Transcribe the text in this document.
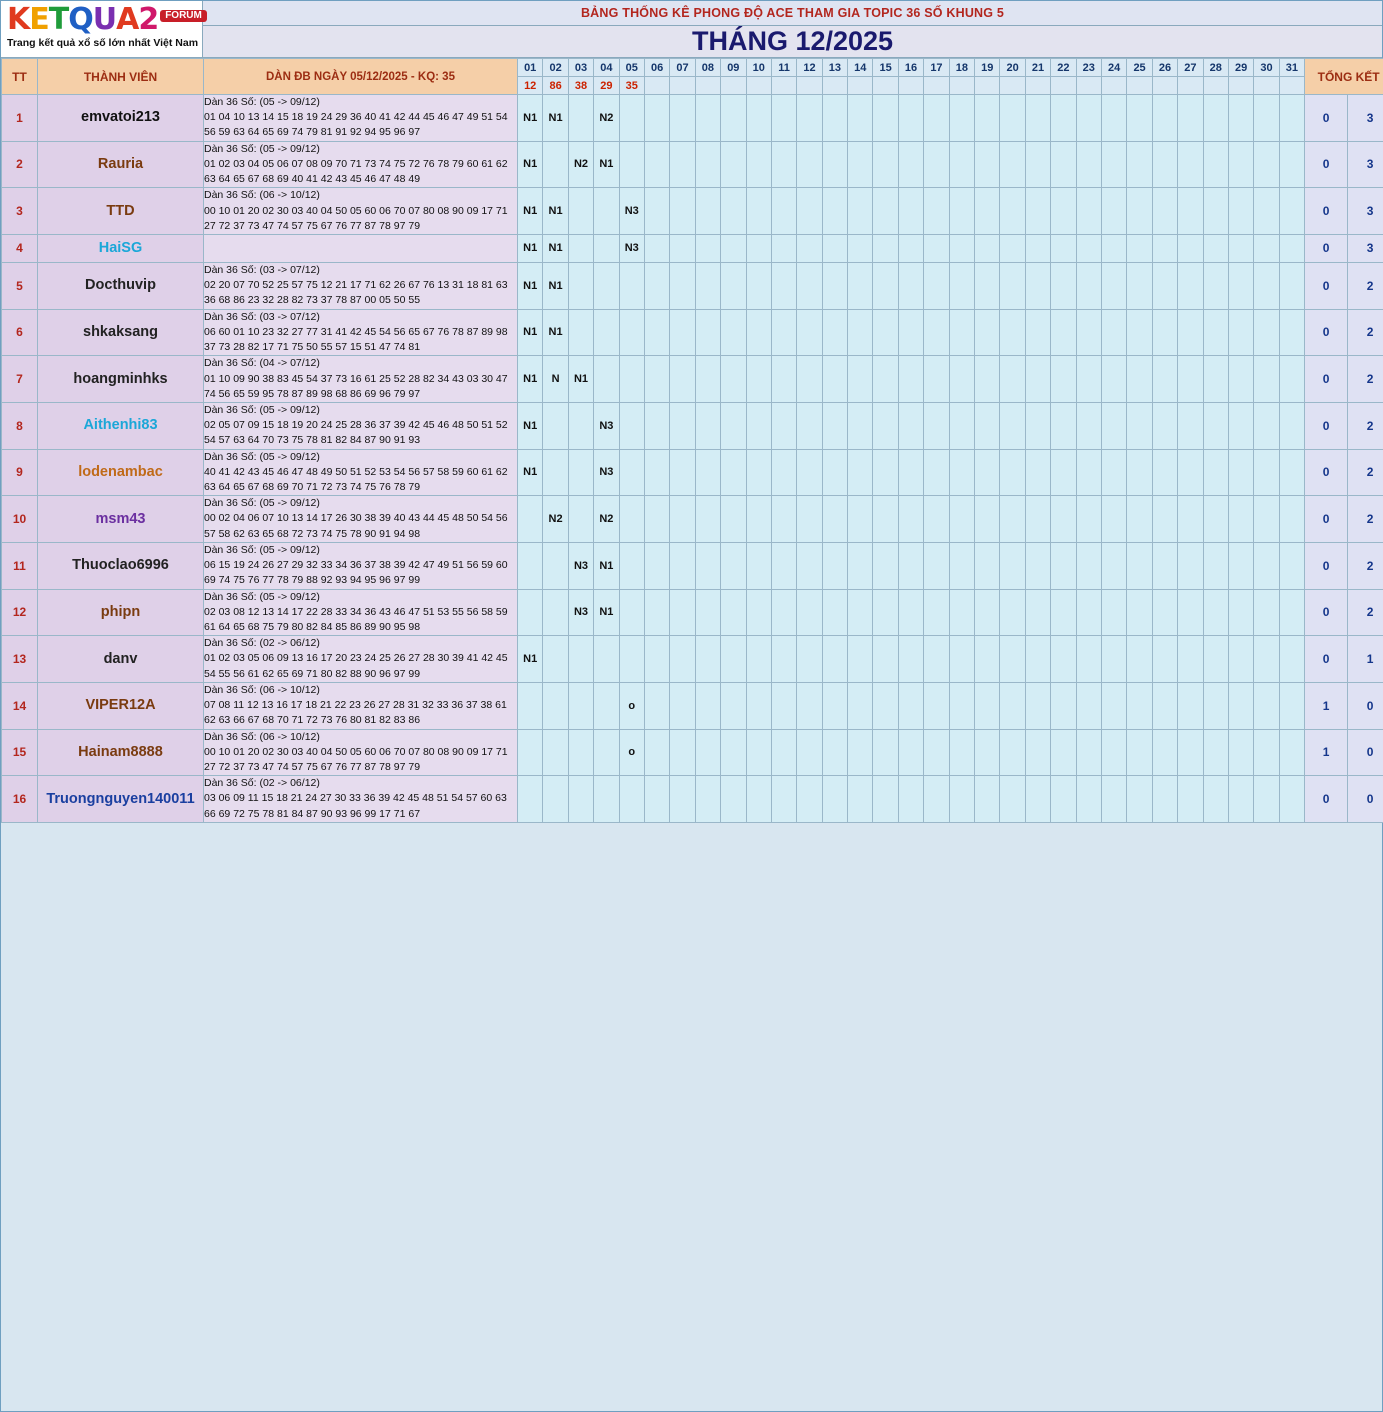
KETQUA2 FORUM
Trang kết quả xổ số lớn nhất Việt Nam
BẢNG THỐNG KÊ PHONG ĐỘ ACE THAM GIA TOPIC 36 SỐ KHUNG 5
THÁNG 12/2025
TT	THÀNH VIÊN	DÀN ĐB NGÀY 05/12/2025 - KQ: 35	01	02	03	04	05	06	07	08	09	10	11	12	13	14	15	16	17	18	19	20	21	22	23	24	25	26	27	28	29	30	31	TỔNG KẾT	
			12	86	38	29	35																												
1	emvatoi213	Dàn 36 Số: (05 -> 09/12)
01 04 10 13 14 15 18 19 24 29 36 40 41 42 44 45 46 47 49 51 54 56 59 63 64 65 69 74 79 81 91 92 94 95 96 97	N1	N1		N2																												0	3
2	Rauria	Dàn 36 Số: (05 -> 09/12)
01 02 03 04 05 06 07 08 09 70 71 73 74 75 72 76 78 79 60 61 62 63 64 65 67 68 69 40 41 42 43 45 46 47 48 49	N1		N2	N1																												0	3
3	TTD	Dàn 36 Số: (06 -> 10/12)
00 10 01 20 02 30 03 40 04 50 05 60 06 70 07 80 08 90 09 17 71 27 72 37 73 47 74 57 75 67 76 77 87 78 97 79	N1	N1			N3																											0	3
4	HaiSG		N1	N1			N3																											0	3
5	Docthuvip	Dàn 36 Số: (03 -> 07/12)
02 20 07 70 52 25 57 75 12 21 17 71 62 26 67 76 13 31 18 81 63 36 68 86 23 32 28 82 73 37 78 87 00 05 50 55	N1	N1																														0	2
6	shkaksang	Dàn 36 Số: (03 -> 07/12)
06 60 01 10 23 32 27 77 31 41 42 45 54 56 65 67 76 78 87 89 98 37 73 28 82 17 71 75 50 55 57 15 51 47 74 81	N1	N1																														0	2
7	hoangminhks	Dàn 36 Số: (04 -> 07/12)
01 10 09 90 38 83 45 54 37 73 16 61 25 52 28 82 34 43 03 30 47 74 56 65 59 95 78 87 89 98 68 86 69 96 79 97	N1	N	N1																													0	2
8	Aithenhi83	Dàn 36 Số: (05 -> 09/12)
02 05 07 09 15 18 19 20 24 25 28 36 37 39 42 45 46 48 50 51 52 54 57 63 64 70 73 75 78 81 82 84 87 90 91 93	N1			N3																												0	2
9	lodenambac	Dàn 36 Số: (05 -> 09/12)
40 41 42 43 45 46 47 48 49 50 51 52 53 54 56 57 58 59 60 61 62 63 64 65 67 68 69 70 71 72 73 74 75 76 78 79	N1			N3																												0	2
10	msm43	Dàn 36 Số: (05 -> 09/12)
00 02 04 06 07 10 13 14 17 26 30 38 39 40 43 44 45 48 50 54 56 57 58 62 63 65 68 72 73 74 75 78 90 91 94 98		N2		N2																												0	2
11	Thuoclao6996	Dàn 36 Số: (05 -> 09/12)
06 15 19 24 26 27 29 32 33 34 36 37 38 39 42 47 49 51 56 59 60 69 74 75 76 77 78 79 88 92 93 94 95 96 97 99			N3	N1																												0	2
12	phipn	Dàn 36 Số: (05 -> 09/12)
02 03 08 12 13 14 17 22 28 33 34 36 43 46 47 51 53 55 56 58 59 61 64 65 68 75 79 80 82 84 85 86 89 90 95 98			N3	N1																												0	2
13	danv	Dàn 36 Số: (02 -> 06/12)
01 02 03 05 06 09 13 16 17 20 23 24 25 26 27 28 30 39 41 42 45 54 55 56 61 62 65 69 71 80 82 88 90 96 97 99	N1																															0	1
14	VIPER12A	Dàn 36 Số: (06 -> 10/12)
07 08 11 12 13 16 17 18 21 22 23 26 27 28 31 32 33 36 37 38 61 62 63 66 67 68 70 71 72 73 76 80 81 82 83 86					o																											1	0
15	Hainam8888	Dàn 36 Số: (06 -> 10/12)
00 10 01 20 02 30 03 40 04 50 05 60 06 70 07 80 08 90 09 17 71 27 72 37 73 47 74 57 75 67 76 77 87 78 97 79					o																											1	0
16	Truongnguyen140011	Dàn 36 Số: (02 -> 06/12)
03 06 09 11 15 18 21 24 27 30 33 36 39 42 45 48 51 54 57 60 63 66 69 72 75 78 81 84 87 90 93 96 99 17 71 67																																0	0
